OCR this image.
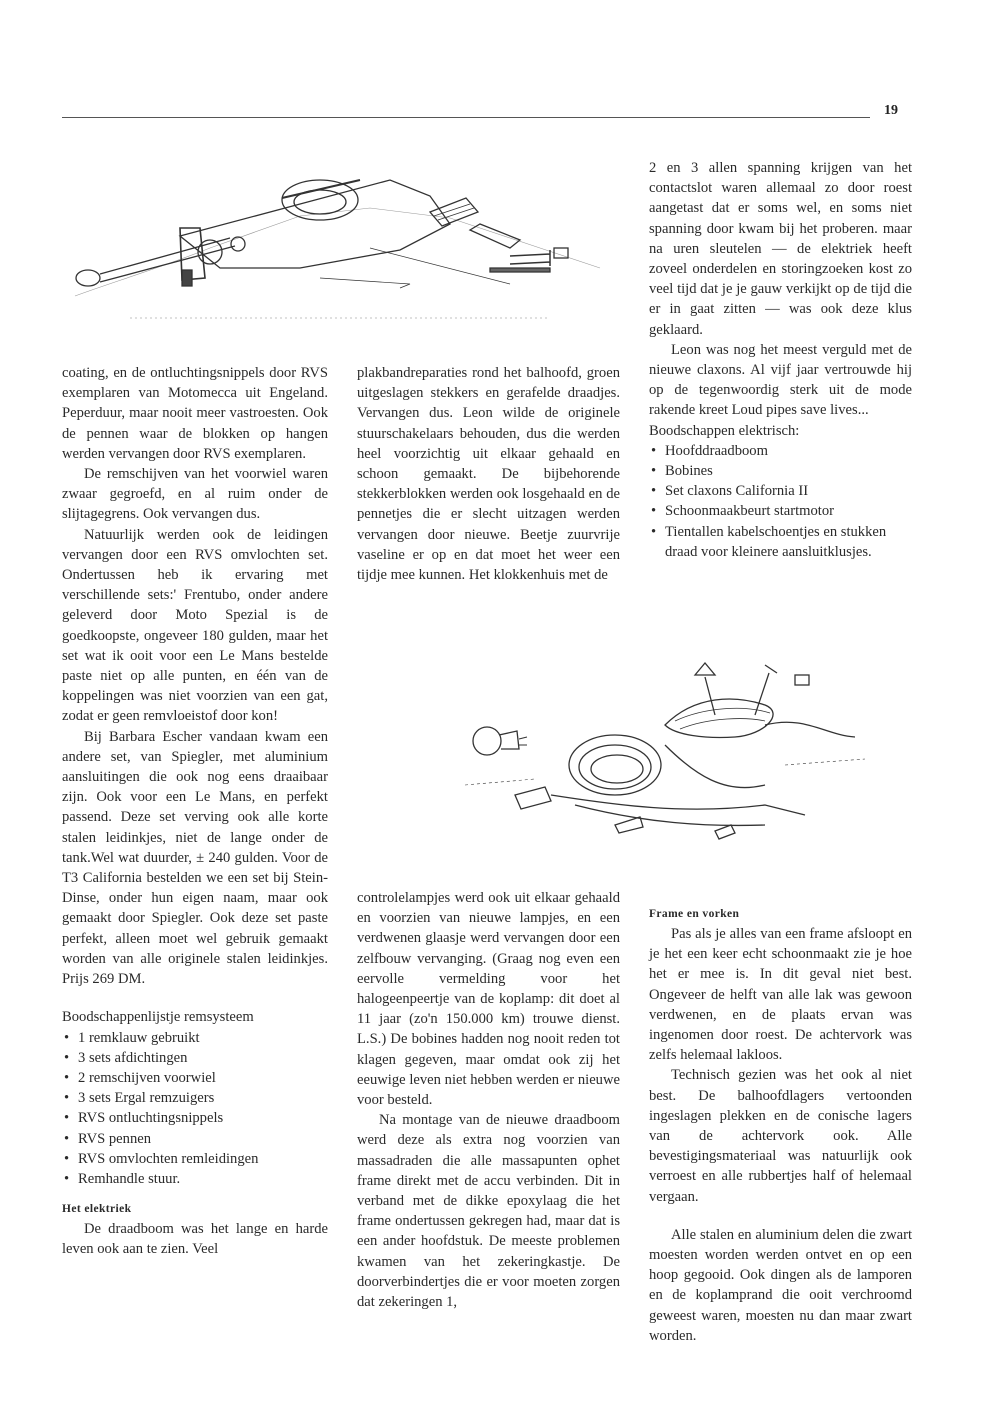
19

coating, en de ontluchtingsnippels door RVS exemplaren van Motomecca uit Engeland. Peperduur, maar nooit meer vastroesten. Ook de pennen waar de blokken op hangen werden vervangen door RVS exemplaren.

De remschijven van het voorwiel waren zwaar gegroefd, en al ruim onder de slijtagegrens. Ook vervangen dus.

Natuurlijk werden ook de leidingen vervangen door een RVS omvlochten set. Ondertussen heb ik ervaring met verschillende sets:' Frentubo, onder andere geleverd door Moto Spezial is de goedkoopste, ongeveer 180 gulden, maar het set wat ik ooit voor een Le Mans bestelde paste niet op alle punten, en één van de koppelingen was niet voorzien van een gat, zodat er geen remvloeistof door kon!

Bij Barbara Escher vandaan kwam een andere set, van Spiegler, met aluminium aansluitingen die ook nog eens draaibaar zijn. Ook voor een Le Mans, en perfekt passend. Deze set verving ook alle korte stalen leidinkjes, niet de lange onder de tank.Wel wat duurder, ± 240 gulden. Voor de T3 California bestelden we een set bij Stein-Dinse, onder hun eigen naam, maar ook gemaakt door Spiegler. Ook deze set paste perfekt, alleen moet wel gebruik gemaakt worden van alle originele stalen leidinkjes. Prijs 269 DM.

Boodschappenlijstje remsysteem

• 1 remklauw gebruikt
• 3 sets afdichtingen
• 2 remschijven voorwiel
• 3 sets Ergal remzuigers
• RVS ontluchtingsnippels
• RVS pennen
• RVS omvlochten remleidingen
• Remhandle stuur.
Het elektriek

De draadboom was het lange en harde leven ook aan te zien. Veel

plakbandreparaties rond het balhoofd, groen uitgeslagen stekkers en gerafelde draadjes. Vervangen dus. Leon wilde de originele stuurschakelaars behouden, dus die werden heel voorzichtig uit elkaar gehaald en schoon gemaakt. De bijbehorende stekkerblokken werden ook losgehaald en de pennetjes die er slecht uitzagen werden vervangen door nieuwe. Beetje zuurvrije vaseline er op en dat moet het weer een tijdje mee kunnen. Het klokkenhuis met de

controlelampjes werd ook uit elkaar gehaald en voorzien van nieuwe lampjes, en een verdwenen glaasje werd vervangen door een zelfbouw vervanging. (Graag nog even een eervolle vermelding voor het halogeenpeertje van de koplamp: dit doet al 11 jaar (zo'n 150.000 km) trouwe dienst. L.S.) De bobines hadden nog nooit reden tot klagen gegeven, maar omdat ook zij het eeuwige leven niet hebben werden er nieuwe voor besteld.

Na montage van de nieuwe draadboom werd deze als extra nog voorzien van massadraden die alle massapunten ophet frame direkt met de accu verbinden. Dit in verband met de dikke epoxylaag die het frame ondertussen gekregen had, maar dat is een ander hoofdstuk. De meeste problemen kwamen van het zekeringkastje. De doorverbindertjes die er voor moeten zorgen dat zekeringen 1,

2 en 3 allen spanning krijgen van het contactslot waren allemaal zo door roest aangetast dat er soms wel, en soms niet spanning door kwam bij het proberen. maar na uren sleutelen — de elektriek heeft zoveel onderdelen en storingzoeken kost zo veel tijd dat je je gauw verkijkt op de tijd die er in gaat zitten — was ook deze klus geklaard.

Leon was nog het meest verguld met de nieuwe claxons. Al vijf jaar vertrouwde hij op de tegenwoordig sterk uit de mode rakende kreet Loud pipes save lives...

Boodschappen elektrisch:

• Hoofddraadboom
• Bobines
• Set claxons California II
• Schoonmaakbeurt startmotor
• Tientallen kabelschoentjes en stukken draad voor kleinere aansluitklusjes.
Frame en vorken

Pas als je alles van een frame afsloopt en je het een keer echt schoonmaakt zie je hoe het er mee is. In dit geval niet best. Ongeveer de helft van alle lak was gewoon verdwenen, en de plaats ervan was ingenomen door roest. De achtervork was zelfs helemaal lakloos.

Technisch gezien was het ook al niet best. De balhoofdlagers vertoonden ingeslagen plekken en de conische lagers van de achtervork ook. Alle bevestigingsmateriaal was natuurlijk ook verroest en alle rubbertjes half of helemaal vergaan.

Alle stalen en aluminium delen die zwart moesten worden werden ontvet en op een hoop gegooid. Ook dingen als de lamporen en de koplamprand die ooit verchroomd geweest waren, moesten nu dan maar zwart worden.
